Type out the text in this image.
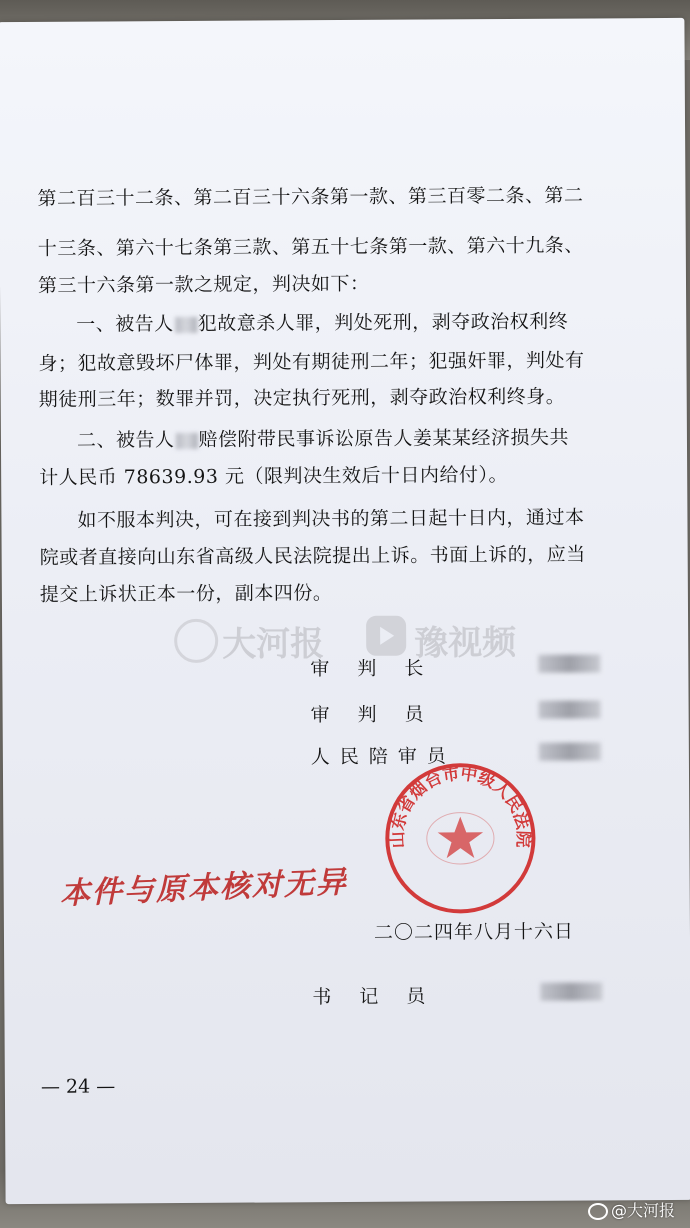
第二百三十二条、第二百三十六条第一款、第三百零二条、第二
十三条、第六十七条第三款、第五十七条第一款、第六十九条、
第三十六条第一款之规定，判决如下：
一、被告人 犯故意杀人罪，判处死刑，剥夺政治权利终
身；犯故意毁坏尸体罪，判处有期徒刑二年；犯强奸罪，判处有
期徒刑三年；数罪并罚，决定执行死刑，剥夺政治权利终身。
二、被告人 赔偿附带民事诉讼原告人姜某某经济损失共
计人民币 78639.93 元（限判决生效后十日内给付）。
如不服本判决，可在接到判决书的第二日起十日内，通过本
院或者直接向山东省高级人民法院提出上诉。书面上诉的，应当
提交上诉状正本一份，副本四份。
大河报	豫视频
审判长
审判员
人民陪审员
山东省烟台市中级人民法院
本件与原本核对无异
二〇二四年八月十六日
书记员
— 24 —
@大河报
